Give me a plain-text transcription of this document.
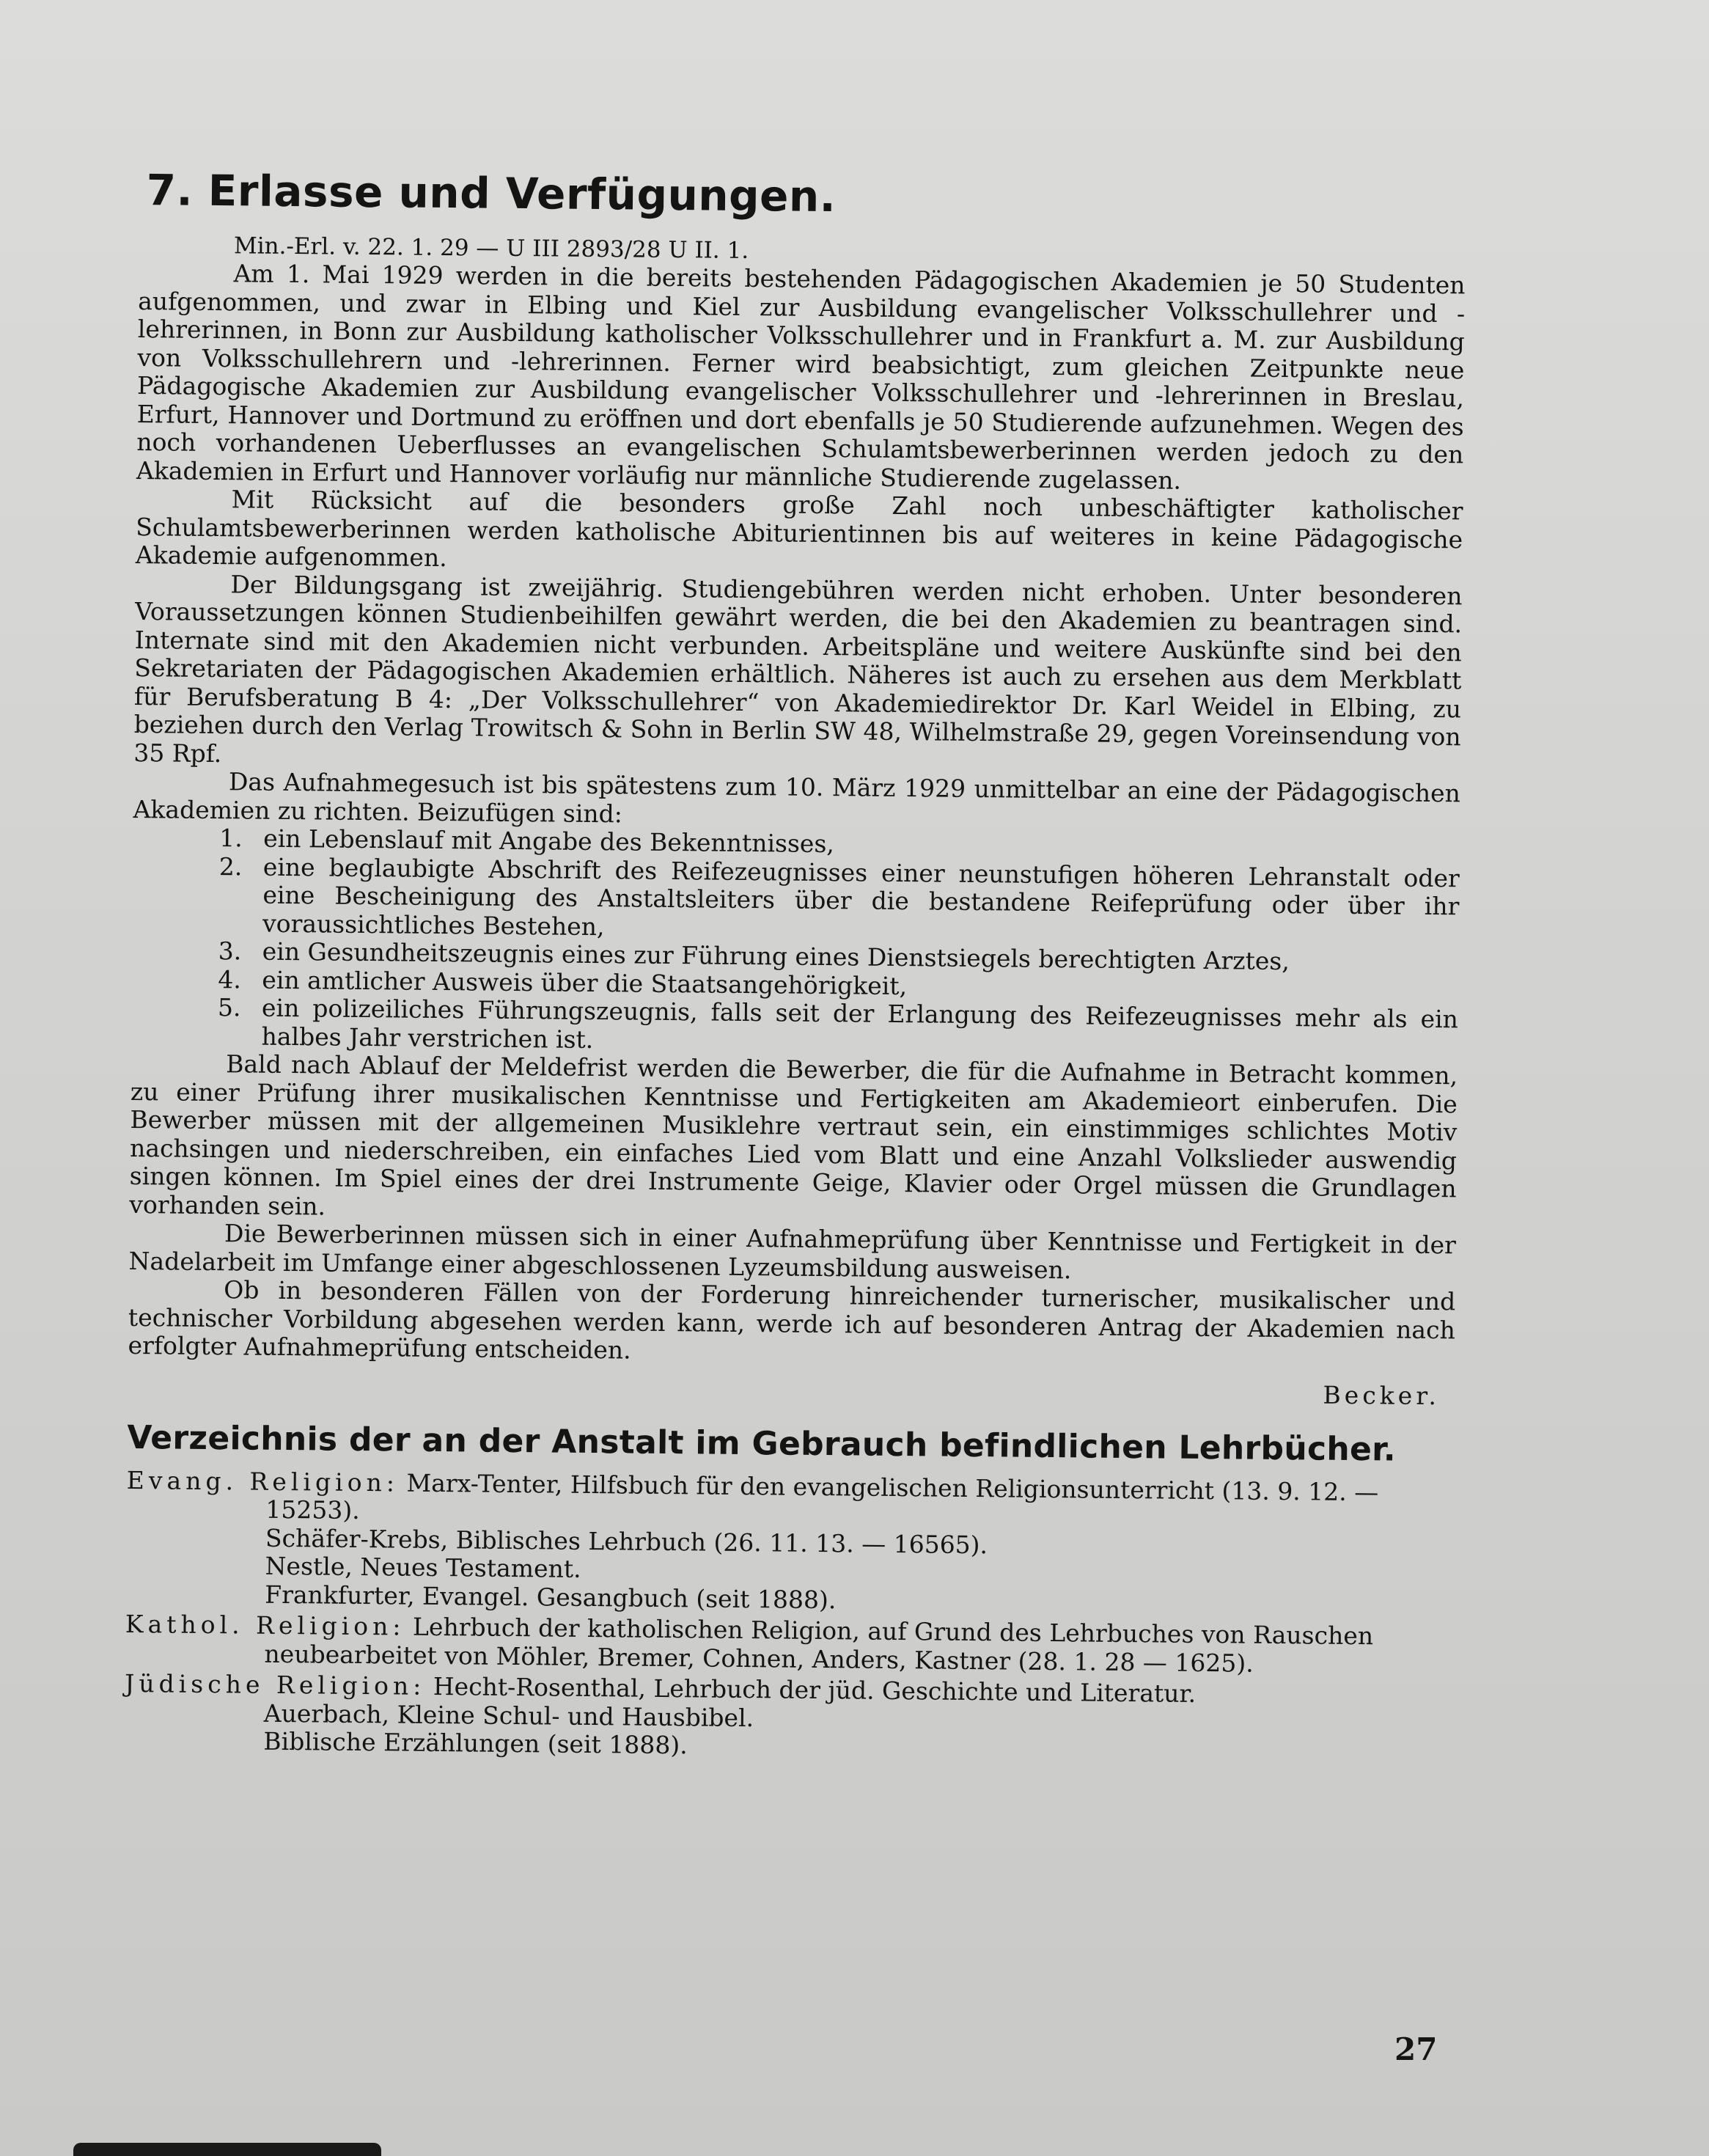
7. Erlasse und Verfügungen.
Min.-Erl. v. 22. 1. 29 — U III 2893/28 U II. 1.

Am 1. Mai 1929 werden in die bereits bestehenden Pädagogischen Akademien je 50 Studenten aufgenommen, und zwar in Elbing und Kiel zur Ausbildung evangelischer Volksschullehrer und -lehrerinnen, in Bonn zur Ausbildung katholischer Volksschullehrer und in Frankfurt a. M. zur Ausbildung von Volksschullehrern und -lehrerinnen. Ferner wird beabsichtigt, zum gleichen Zeitpunkte neue Pädagogische Akademien zur Ausbildung evangelischer Volksschullehrer und -lehrerinnen in Breslau, Erfurt, Hannover und Dortmund zu eröffnen und dort ebenfalls je 50 Studierende aufzunehmen. Wegen des noch vorhandenen Ueberflusses an evangelischen Schulamtsbewerberinnen werden jedoch zu den Akademien in Erfurt und Hannover vorläufig nur männliche Studierende zugelassen.

Mit Rücksicht auf die besonders große Zahl noch unbeschäftigter katholischer Schulamtsbewerberinnen werden katholische Abiturientinnen bis auf weiteres in keine Pädagogische Akademie aufgenommen.

Der Bildungsgang ist zweijährig. Studiengebühren werden nicht erhoben. Unter besonderen Voraussetzungen können Studienbeihilfen gewährt werden, die bei den Akademien zu beantragen sind. Internate sind mit den Akademien nicht verbunden. Arbeitspläne und weitere Auskünfte sind bei den Sekretariaten der Pädagogischen Akademien erhältlich. Näheres ist auch zu ersehen aus dem Merkblatt für Berufsberatung B 4: „Der Volksschullehrer“ von Akademiedirektor Dr. Karl Weidel in Elbing, zu beziehen durch den Verlag Trowitsch & Sohn in Berlin SW 48, Wilhelmstraße 29, gegen Voreinsendung von 35 Rpf.

Das Aufnahmegesuch ist bis spätestens zum 10. März 1929 unmittelbar an eine der Pädagogischen Akademien zu richten. Beizufügen sind:

1. ein Lebenslauf mit Angabe des Bekenntnisses,
2. eine beglaubigte Abschrift des Reifezeugnisses einer neunstufigen höheren Lehranstalt oder eine Bescheinigung des Anstaltsleiters über die bestandene Reifeprüfung oder über ihr voraussichtliches Bestehen,
3. ein Gesundheitszeugnis eines zur Führung eines Dienstsiegels berechtigten Arztes,
4. ein amtlicher Ausweis über die Staatsangehörigkeit,
5. ein polizeiliches Führungszeugnis, falls seit der Erlangung des Reifezeugnisses mehr als ein halbes Jahr verstrichen ist.

Bald nach Ablauf der Meldefrist werden die Bewerber, die für die Aufnahme in Betracht kommen, zu einer Prüfung ihrer musikalischen Kenntnisse und Fertigkeiten am Akademieort einberufen. Die Bewerber müssen mit der allgemeinen Musiklehre vertraut sein, ein einstimmiges schlichtes Motiv nachsingen und niederschreiben, ein einfaches Lied vom Blatt und eine Anzahl Volkslieder auswendig singen können. Im Spiel eines der drei Instrumente Geige, Klavier oder Orgel müssen die Grundlagen vorhanden sein.

Die Bewerberinnen müssen sich in einer Aufnahmeprüfung über Kenntnisse und Fertigkeit in der Nadelarbeit im Umfange einer abgeschlossenen Lyzeumsbildung ausweisen.

Ob in besonderen Fällen von der Forderung hinreichender turnerischer, musikalischer und technischer Vorbildung abgesehen werden kann, werde ich auf besonderen Antrag der Akademien nach erfolgter Aufnahmeprüfung entscheiden.

Becker.
Verzeichnis der an der Anstalt im Gebrauch befindlichen Lehrbücher.
Evang. Religion: Marx-Tenter, Hilfsbuch für den evangelischen Religionsunterricht (13. 9. 12. — 15253).
Schäfer-Krebs, Biblisches Lehrbuch (26. 11. 13. — 16565).
Nestle, Neues Testament.
Frankfurter, Evangel. Gesangbuch (seit 1888).
Kathol. Religion: Lehrbuch der katholischen Religion, auf Grund des Lehrbuches von Rauschen neubearbeitet von Möhler, Bremer, Cohnen, Anders, Kastner (28. 1. 28 — 1625).
Jüdische Religion: Hecht-Rosenthal, Lehrbuch der jüd. Geschichte und Literatur.
Auerbach, Kleine Schul- und Hausbibel.
Biblische Erzählungen (seit 1888).
27
